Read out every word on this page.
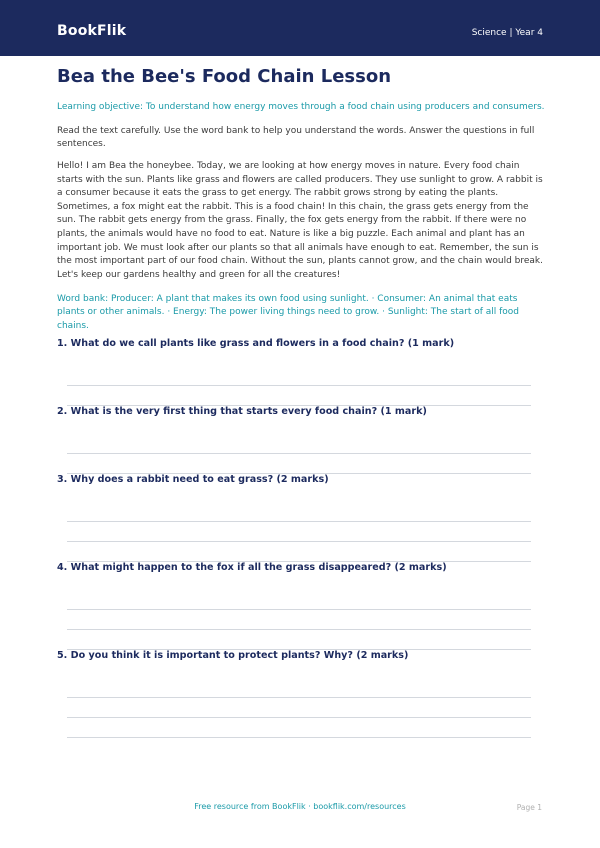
BookFlik	Science | Year 4
Bea the Bee's Food Chain Lesson

Learning objective: To understand how energy moves through a food chain using producers and consumers.

Read the text carefully. Use the word bank to help you understand the words. Answer the questions in full sentences.

Hello! I am Bea the honeybee. Today, we are looking at how energy moves in nature. Every food chain starts with the sun. Plants like grass and flowers are called producers. They use sunlight to grow. A rabbit is a consumer because it eats the grass to get energy. The rabbit grows strong by eating the plants. Sometimes, a fox might eat the rabbit. This is a food chain! In this chain, the grass gets energy from the sun. The rabbit gets energy from the grass. Finally, the fox gets energy from the rabbit. If there were no plants, the animals would have no food to eat. Nature is like a big puzzle. Each animal and plant has an important job. We must look after our plants so that all animals have enough to eat. Remember, the sun is the most important part of our food chain. Without the sun, plants cannot grow, and the chain would break. Let's keep our gardens healthy and green for all the creatures!

Word bank: Producer: A plant that makes its own food using sunlight. · Consumer: An animal that eats plants or other animals. · Energy: The power living things need to grow. · Sunlight: The start of all food chains.

1. What do we call plants like grass and flowers in a food chain? (1 mark)

2. What is the very first thing that starts every food chain? (1 mark)

3. Why does a rabbit need to eat grass? (2 marks)

4. What might happen to the fox if all the grass disappeared? (2 marks)

5. Do you think it is important to protect plants? Why? (2 marks)

Free resource from BookFlik · bookflik.com/resources	Page 1
